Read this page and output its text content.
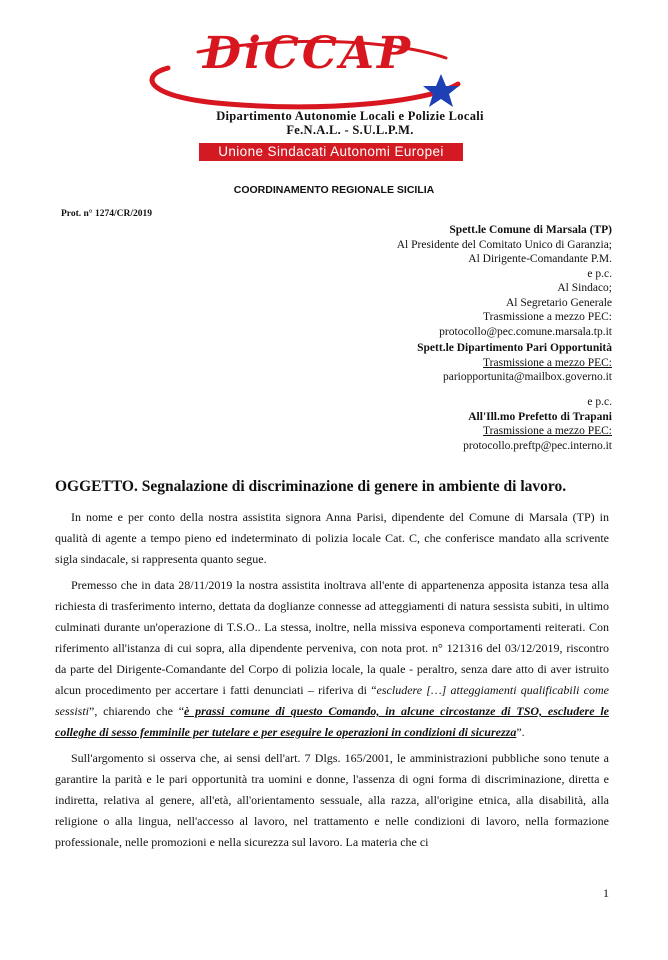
DiCCAP
Dipartimento Autonomie Locali e Polizie Locali
Fe.N.A.L. - S.U.L.P.M.
Unione Sindacati Autonomi Europei
COORDINAMENTO REGIONALE SICILIA
Prot. n° 1274/CR/2019
Spett.le Comune di Marsala (TP)
Al Presidente del Comitato Unico di Garanzia;
Al Dirigente-Comandante P.M.
e p.c.
Al Sindaco;
Al Segretario Generale
Trasmissione a mezzo PEC:
protocollo@pec.comune.marsala.tp.it
Spett.le Dipartimento Pari Opportunità
Trasmissione a mezzo PEC:
pariopportunita@mailbox.governo.it
e p.c.
All'Ill.mo Prefetto di Trapani
Trasmissione a mezzo PEC:
protocollo.preftp@pec.interno.it
OGGETTO. Segnalazione di discriminazione di genere in ambiente di lavoro.

In nome e per conto della nostra assistita signora Anna Parisi, dipendente del Comune di Marsala (TP) in qualità di agente a tempo pieno ed indeterminato di polizia locale Cat. C, che conferisce mandato alla scrivente sigla sindacale, si rappresenta quanto segue.

Premesso che in data 28/11/2019 la nostra assistita inoltrava all'ente di appartenenza apposita istanza tesa alla richiesta di trasferimento interno, dettata da doglianze connesse ad atteggiamenti di natura sessista subiti, in ultimo culminati durante un'operazione di T.S.O.. La stessa, inoltre, nella missiva esponeva comportamenti reiterati. Con riferimento all'istanza di cui sopra, alla dipendente perveniva, con nota prot. n° 121316 del 03/12/2019, riscontro da parte del Dirigente-Comandante del Corpo di polizia locale, la quale - peraltro, senza dare atto di aver istruito alcun procedimento per accertare i fatti denunciati – riferiva di “escludere […] atteggiamenti qualificabili come sessisti”, chiarendo che “è prassi comune di questo Comando, in alcune circostanze di TSO, escludere le colleghe di sesso femminile per tutelare e per eseguire le operazioni in condizioni di sicurezza”.

Sull'argomento si osserva che, ai sensi dell'art. 7 Dlgs. 165/2001, le amministrazioni pubbliche sono tenute a garantire la parità e le pari opportunità tra uomini e donne, l'assenza di ogni forma di discriminazione, diretta e indiretta, relativa al genere, all'età, all'orientamento sessuale, alla razza, all'origine etnica, alla disabilità, alla religione o alla lingua, nell'accesso al lavoro, nel trattamento e nelle condizioni di lavoro, nella formazione professionale, nelle promozioni e nella sicurezza sul lavoro. La materia che ci

1
